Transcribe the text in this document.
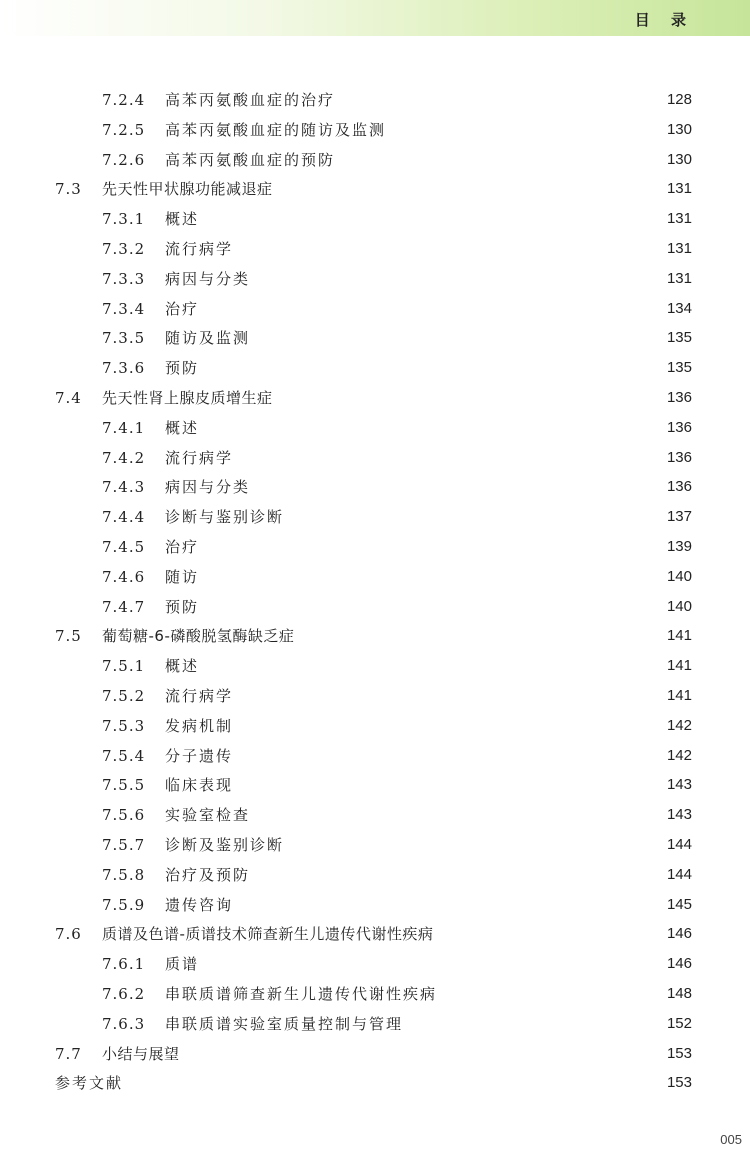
目 录
7.2.4 高苯丙氨酸血症的治疗	128
7.2.5 高苯丙氨酸血症的随访及监测	130
7.2.6 高苯丙氨酸血症的预防	130
7.3 先天性甲状腺功能减退症	131
7.3.1 概述	131
7.3.2 流行病学	131
7.3.3 病因与分类	131
7.3.4 治疗	134
7.3.5 随访及监测	135
7.3.6 预防	135
7.4 先天性肾上腺皮质增生症	136
7.4.1 概述	136
7.4.2 流行病学	136
7.4.3 病因与分类	136
7.4.4 诊断与鉴别诊断	137
7.4.5 治疗	139
7.4.6 随访	140
7.4.7 预防	140
7.5 葡萄糖-6-磷酸脱氢酶缺乏症	141
7.5.1 概述	141
7.5.2 流行病学	141
7.5.3 发病机制	142
7.5.4 分子遗传	142
7.5.5 临床表现	143
7.5.6 实验室检查	143
7.5.7 诊断及鉴别诊断	144
7.5.8 治疗及预防	144
7.5.9 遗传咨询	145
7.6 质谱及色谱-质谱技术筛查新生儿遗传代谢性疾病	146
7.6.1 质谱	146
7.6.2 串联质谱筛查新生儿遗传代谢性疾病	148
7.6.3 串联质谱实验室质量控制与管理	152
7.7 小结与展望	153
参考文献	153
005
